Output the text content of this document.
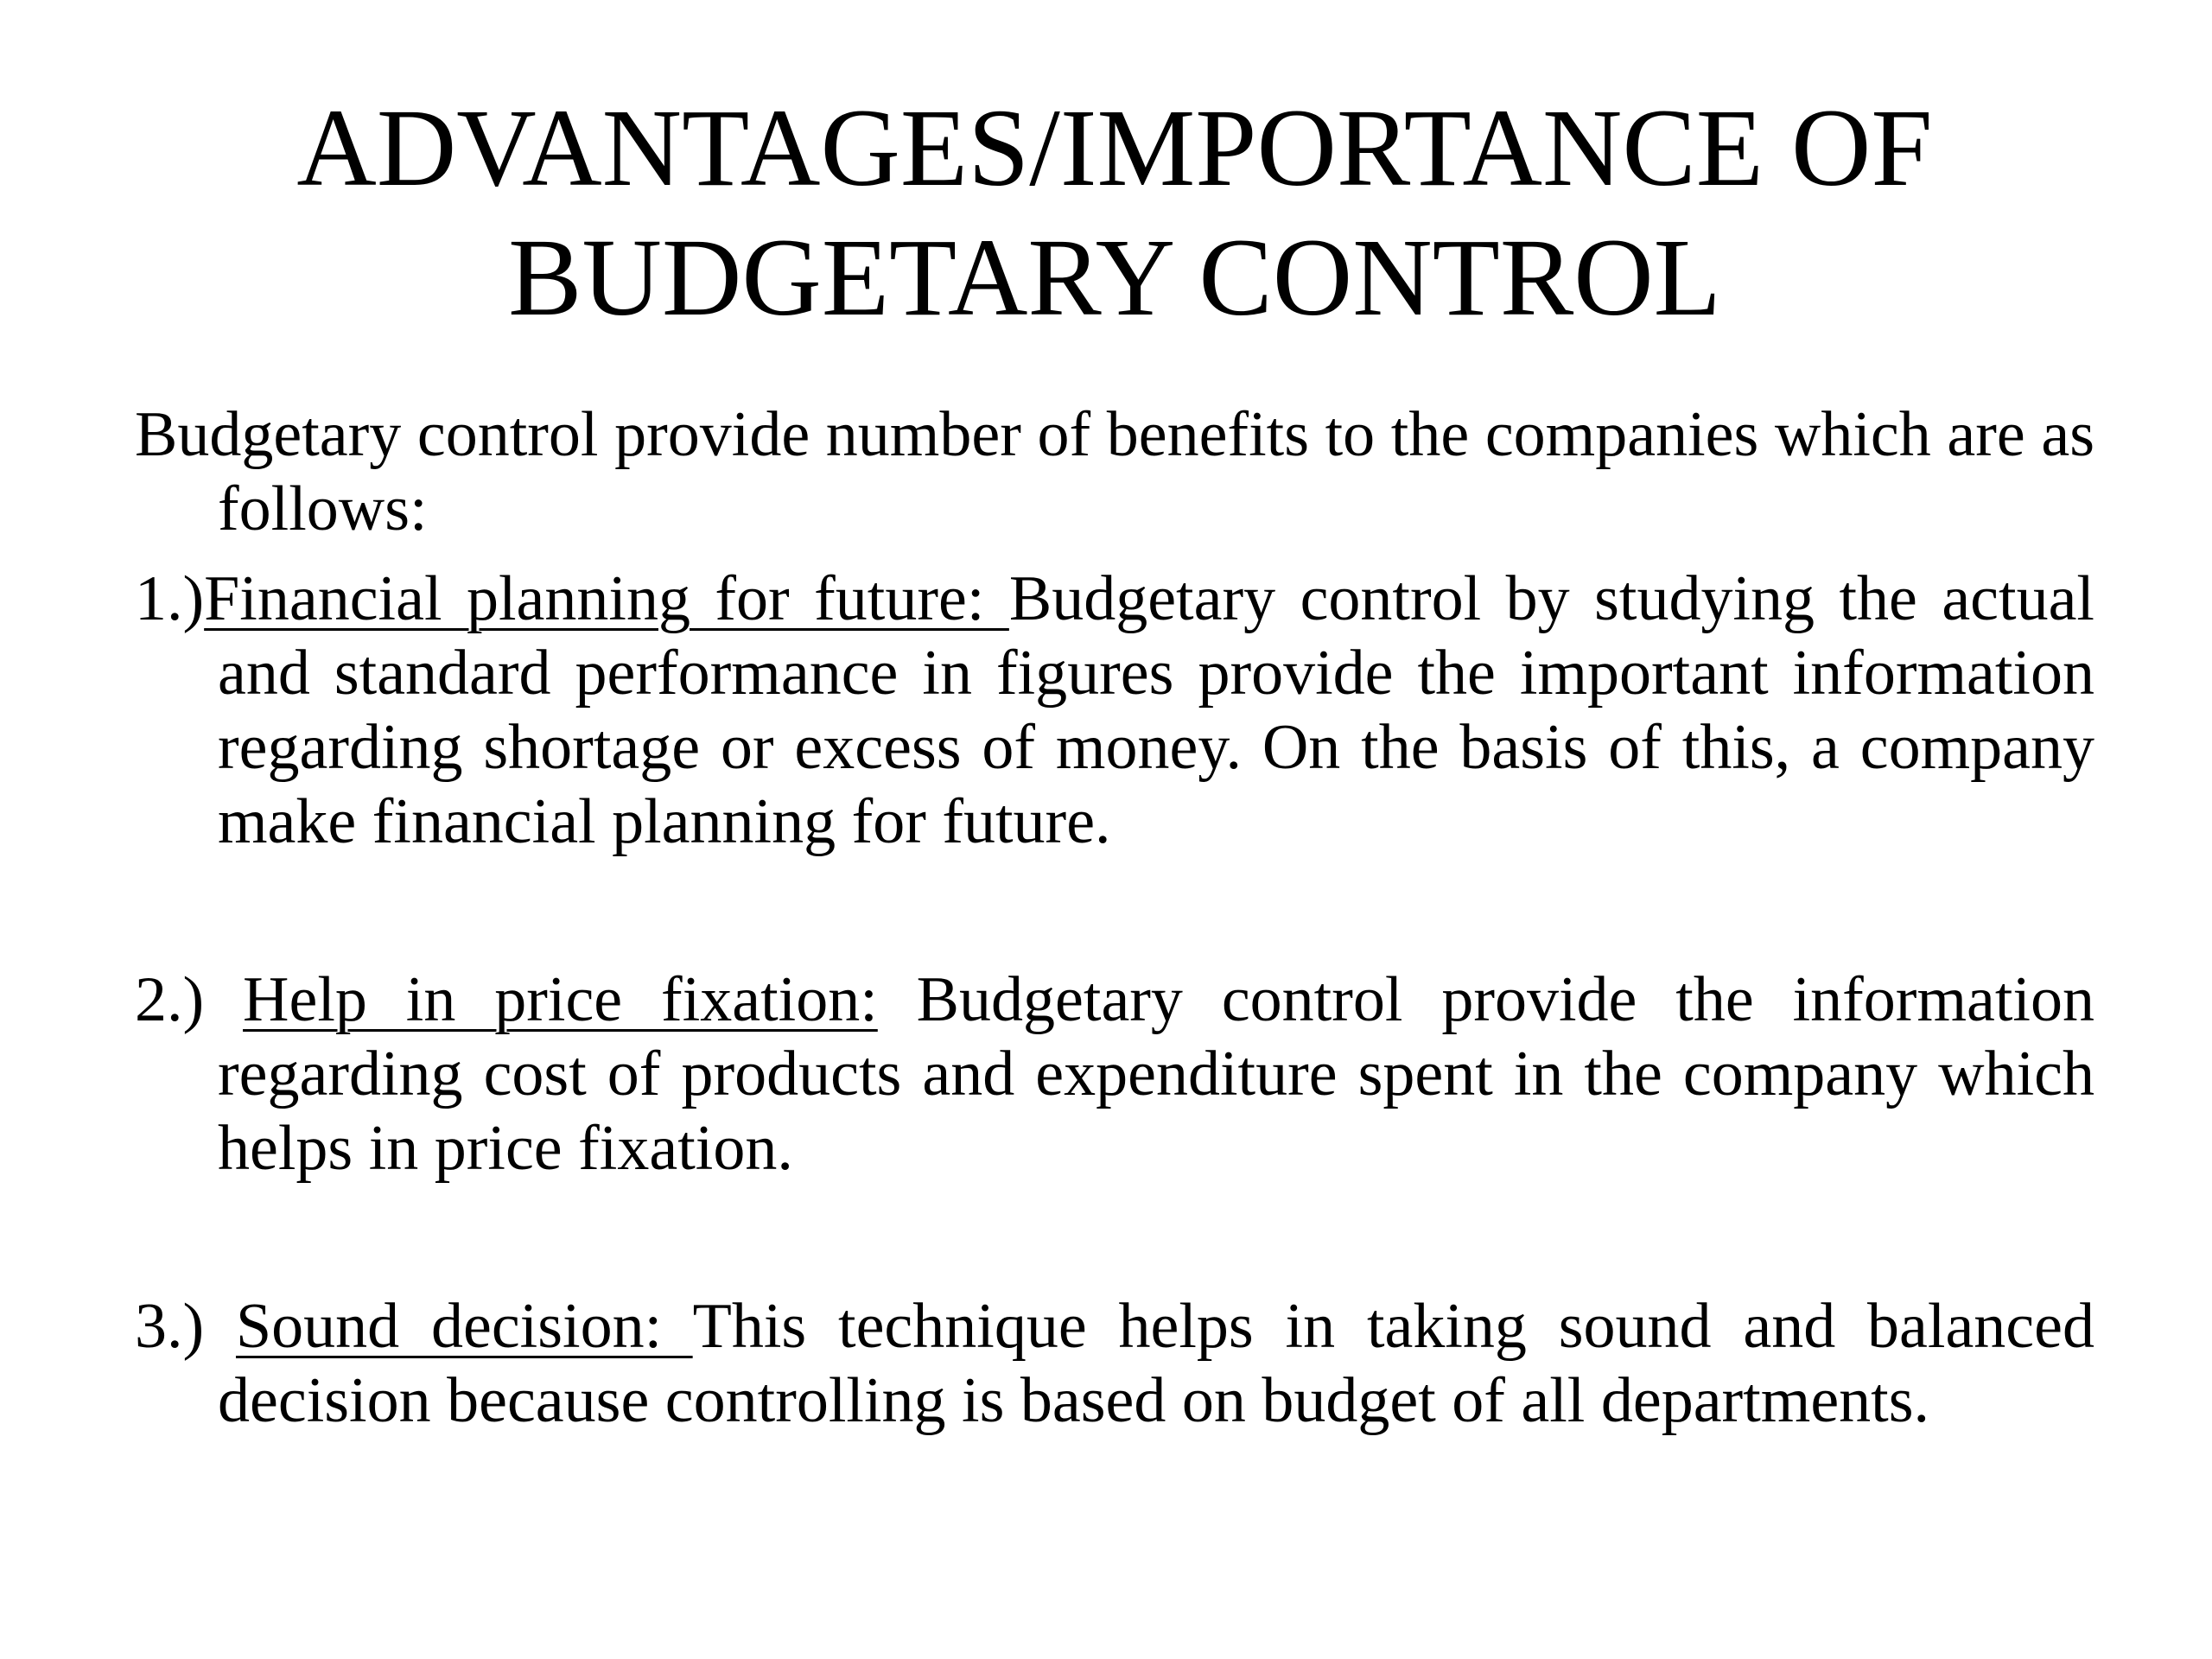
ADVANTAGES/IMPORTANCE OF
BUDGETARY CONTROL

Budgetary control provide number of benefits to the companies which are as follows:

1.)Financial planning for future: Budgetary control by studying the actual and standard performance in figures provide the important information regarding shortage or excess of money. On the basis of this, a company make financial planning for future.

2.) Help in price fixation: Budgetary control provide the information regarding cost of products and expenditure spent in the company which helps in price fixation.

3.) Sound decision: This technique helps in taking sound and balanced decision because controlling is based on budget of all departments.
